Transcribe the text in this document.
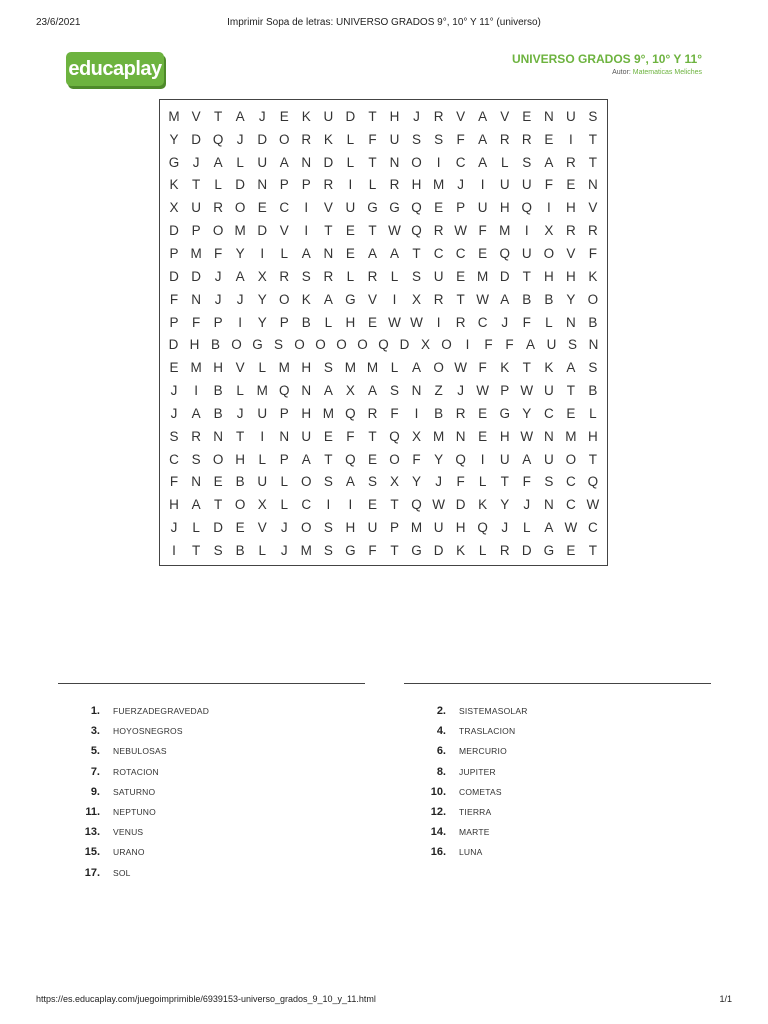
23/6/2021	Imprimir Sopa de letras: UNIVERSO GRADOS 9°, 10° Y 11° (universo)
educaplay	UNIVERSO GRADOS 9°, 10° Y 11°
Autor: Matematicas Meliches
M V T A	J	E K U D T H	J	R V A V E N U S
Y D Q J	D O R K	L	F U S S F A R R E	I	T
G J	A	L U A N D L	T N O	I	C A	L	S A R T
K T	L D N P P R	I	L R H M J	I	U U F E N
X U R O E C	I	V U G G Q E P U H Q	I	H V
D P O M D V	I	T E T W Q R W F M	I	X R R
P M F Y	I	L	A N E A A T C C E Q U O V F
D D	J	A X R S R L R L	S U E M D T H H K
F N	J	J	Y O K A G V	I	X R T W A B B Y O
P F P	I	Y P B	L H E W W	I	R C	J	F	L N B
D H B O G S O O O O Q D X O	I	F F A U S N
E M H V	L M H S M M L	A O W F K T K A S
J	I	B	L M Q N A X A S N Z	J W P W U T B
J	A B	J	U P H M Q R F	I	B R E G Y C E	L
S R N T	I	N U E F	T Q X M N E H W N M H
C S O H L	P A T Q E O F Y Q	I	U A U O T
F N E B U L O S A S X Y	J	F	L	T	F S C Q
H A T O X	L C	I	I	E T Q W D K Y	J	N C W
J	L D E V	J O S H U P M U H Q J	L	A W C
I	T S B	L	J M S G F	T G D K	L R D G E T
1. FUERZADEGRAVEDAD
3. HOYOSNEGROS
5. NEBULOSAS
7. ROTACION
9. SATURNO
11. NEPTUNO
13. VENUS
15. URANO
17. SOL
2. SISTEMASOLAR
4. TRASLACION
6. MERCURIO
8. JUPITER
10. COMETAS
12. TIERRA
14. MARTE
16. LUNA
https://es.educaplay.com/juegoimprimible/6939153-universo_grados_9_10_y_11.html	1/1
